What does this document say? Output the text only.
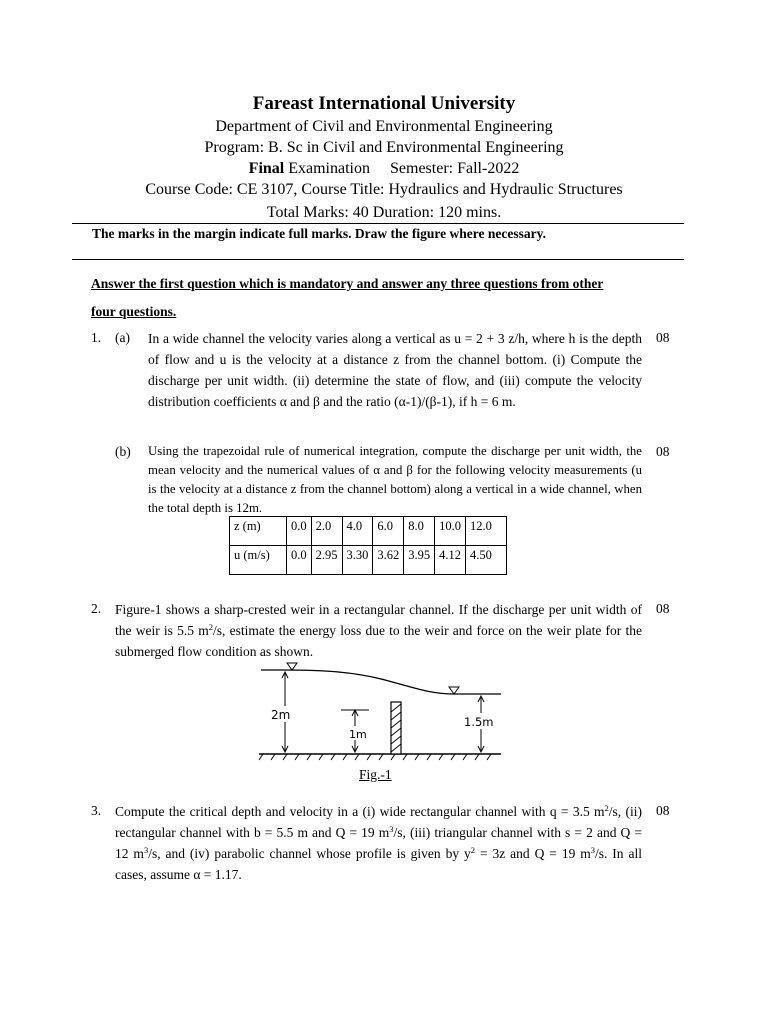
Fareast International University
Department of Civil and Environmental Engineering
Program: B. Sc in Civil and Environmental Engineering
Final Examination Semester: Fall-2022
Course Code: CE 3107, Course Title: Hydraulics and Hydraulic Structures
Total Marks: 40 Duration: 120 mins.
The marks in the margin indicate full marks. Draw the figure where necessary.
Answer the first question which is mandatory and answer any three questions from other
four questions.
1. (a) In a wide channel the velocity varies along a vertical as u = 2 + 3 z/h, where h is the depth of flow and u is the velocity at a distance z from the channel bottom. (i) Compute the discharge per unit width. (ii) determine the state of flow, and (iii) compute the velocity distribution coefficients α and β and the ratio (α-1)/(β-1), if h = 6 m.
08
(b) Using the trapezoidal rule of numerical integration, compute the discharge per unit width, the mean velocity and the numerical values of α and β for the following velocity measurements (u is the velocity at a distance z from the channel bottom) along a vertical in a wide channel, when the total depth is 12m.
08
z (m)	0.0	2.0	4.0	6.0	8.0	10.0	12.0
u (m/s)	0.0	2.95	3.30	3.62	3.95	4.12	4.50
2. Figure-1 shows a sharp-crested weir in a rectangular channel. If the discharge per unit width of the weir is 5.5 $m^2/s$, estimate the energy loss due to the weir and force on the weir plate for the submerged flow condition as shown.
08
2m
1m
1.5m
Fig.-1
3. Compute the critical depth and velocity in a (i) wide rectangular channel with q = 3.5 $m^2/s$, (ii) rectangular channel with b = 5.5 m and Q = 19 $m^3/s$, (iii) triangular channel with s = 2 and Q = 12 $m^3/s$, and (iv) parabolic channel whose profile is given by $y^2 = 3z$ and Q = 19 $m^3/s$. In all cases, assume α = 1.17.
08
